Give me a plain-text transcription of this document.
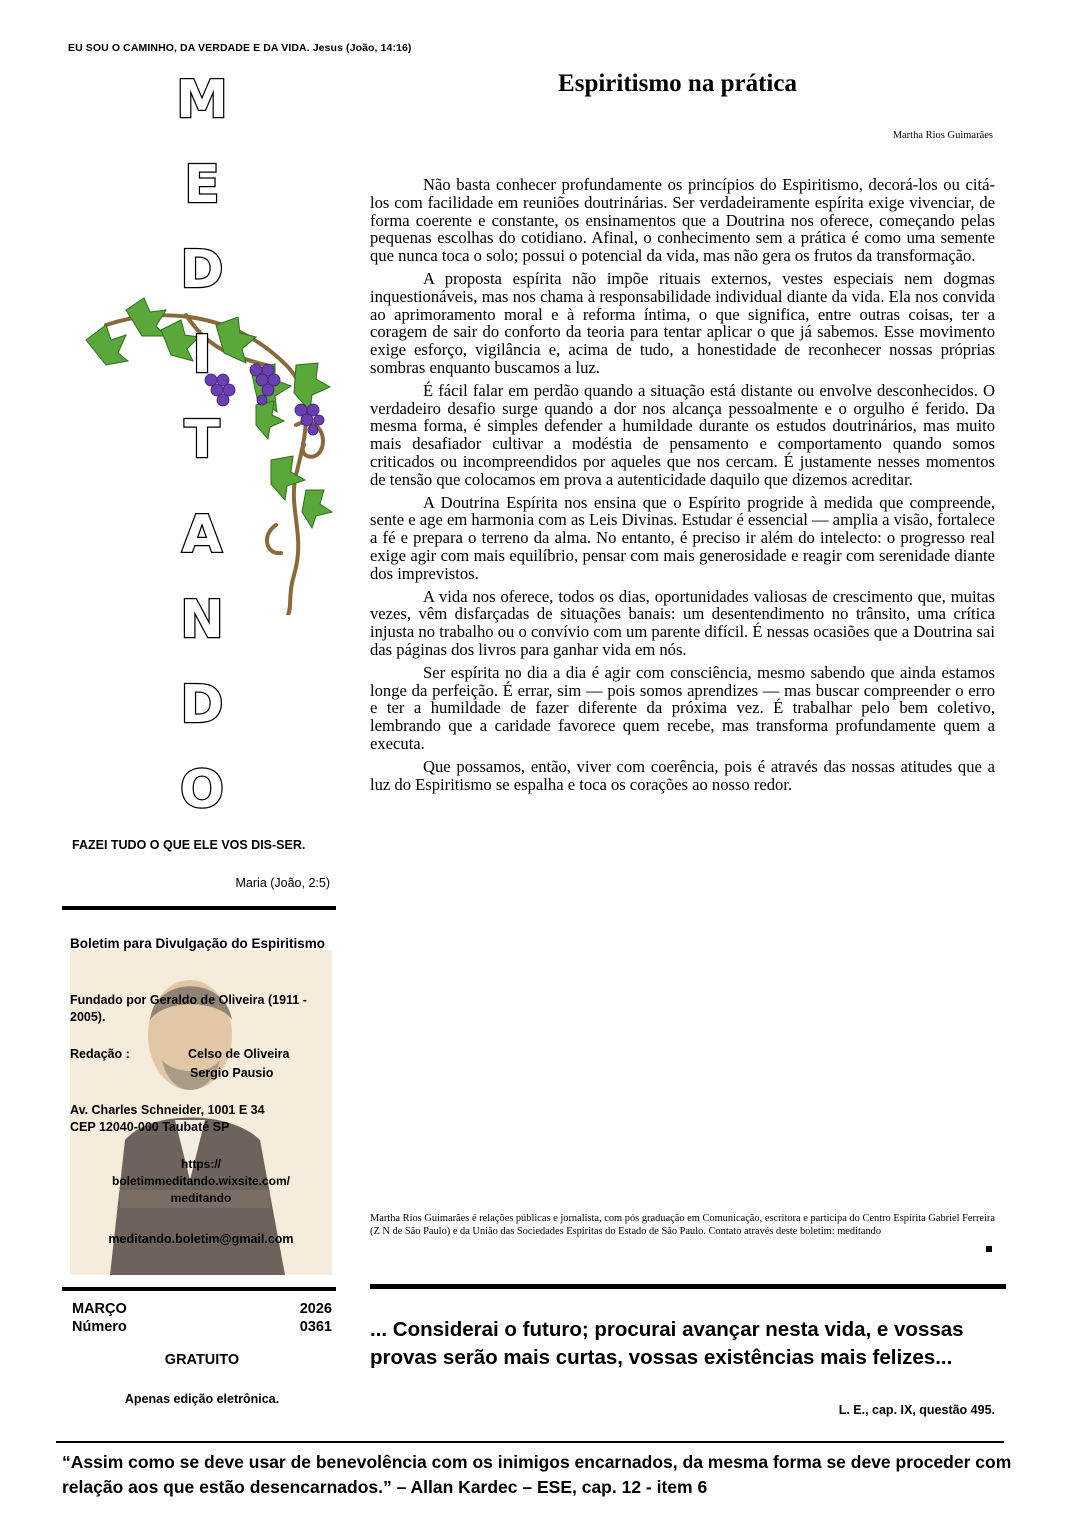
EU SOU O CAMINHO, DA VERDADE E DA VIDA. Jesus (João, 14:16)
M
E
D
I
T
A
N
D
O
FAZEI TUDO O QUE ELE VOS DIS-SER.
Maria (João, 2:5)
Boletim para Divulgação do Espiritismo
Fundado por Geraldo de Oliveira (1911 - 2005).
Redação :	Celso de Oliveira
Sergio Pausio
Av. Charles Schneider, 1001 E 34
CEP 12040-000 Taubaté SP
https://
boletimmeditando.wixsite.com/
meditando
meditando.boletim@gmail.com
MARÇO	2026
Número	0361
GRATUITO
Apenas edição eletrônica.
Espiritismo na prática
Martha Rios Guimarães

Não basta conhecer profundamente os princípios do Espiritismo, decorá-los ou citá-los com facilidade em reuniões doutrinárias. Ser verdadeiramente espírita exige vivenciar, de forma coerente e constante, os ensinamentos que a Doutrina nos oferece, começando pelas pequenas escolhas do cotidiano. Afinal, o conhecimento sem a prática é como uma semente que nunca toca o solo; possui o potencial da vida, mas não gera os frutos da transformação.

A proposta espírita não impõe rituais externos, vestes especiais nem dogmas inquestionáveis, mas nos chama à responsabilidade individual diante da vida. Ela nos convida ao aprimoramento moral e à reforma íntima, o que significa, entre outras coisas, ter a coragem de sair do conforto da teoria para tentar aplicar o que já sabemos. Esse movimento exige esforço, vigilância e, acima de tudo, a honestidade de reconhecer nossas próprias sombras enquanto buscamos a luz.

É fácil falar em perdão quando a situação está distante ou envolve desconhecidos. O verdadeiro desafio surge quando a dor nos alcança pessoalmente e o orgulho é ferido. Da mesma forma, é simples defender a humildade durante os estudos doutrinários, mas muito mais desafiador cultivar a modéstia de pensamento e comportamento quando somos criticados ou incompreendidos por aqueles que nos cercam. É justamente nesses momentos de tensão que colocamos em prova a autenticidade daquilo que dizemos acreditar.

A Doutrina Espírita nos ensina que o Espírito progride à medida que compreende, sente e age em harmonia com as Leis Divinas. Estudar é essencial — amplia a visão, fortalece a fé e prepara o terreno da alma. No entanto, é preciso ir além do intelecto: o progresso real exige agir com mais equilíbrio, pensar com mais generosidade e reagir com serenidade diante dos imprevistos.

A vida nos oferece, todos os dias, oportunidades valiosas de crescimento que, muitas vezes, vêm disfarçadas de situações banais: um desentendimento no trânsito, uma crítica injusta no trabalho ou o convívio com um parente difícil. É nessas ocasiões que a Doutrina sai das páginas dos livros para ganhar vida em nós.

Ser espírita no dia a dia é agir com consciência, mesmo sabendo que ainda estamos longe da perfeição. É errar, sim — pois somos aprendizes — mas buscar compreender o erro e ter a humildade de fazer diferente da próxima vez. É trabalhar pelo bem coletivo, lembrando que a caridade favorece quem recebe, mas transforma profundamente quem a executa.

Que possamos, então, viver com coerência, pois é através das nossas atitudes que a luz do Espiritismo se espalha e toca os corações ao nosso redor.

Martha Rios Guimarães é relações públicas e jornalista, com pós graduação em Comunicação, escritora e participa do Centro Espírita Gabriel Ferreira (Z N de São Paulo) e da União das Sociedades Espíritas do Estado de São Paulo. Contato através deste boletim: meditando
... Considerai o futuro; procurai avançar nesta vida, e vossas provas serão mais curtas, vossas existências mais felizes...
L. E., cap. IX, questão 495.
“Assim como se deve usar de benevolência com os inimigos encarnados, da mesma forma se deve proceder com relação aos que estão desencarnados.” – Allan Kardec – ESE, cap. 12 - item 6
